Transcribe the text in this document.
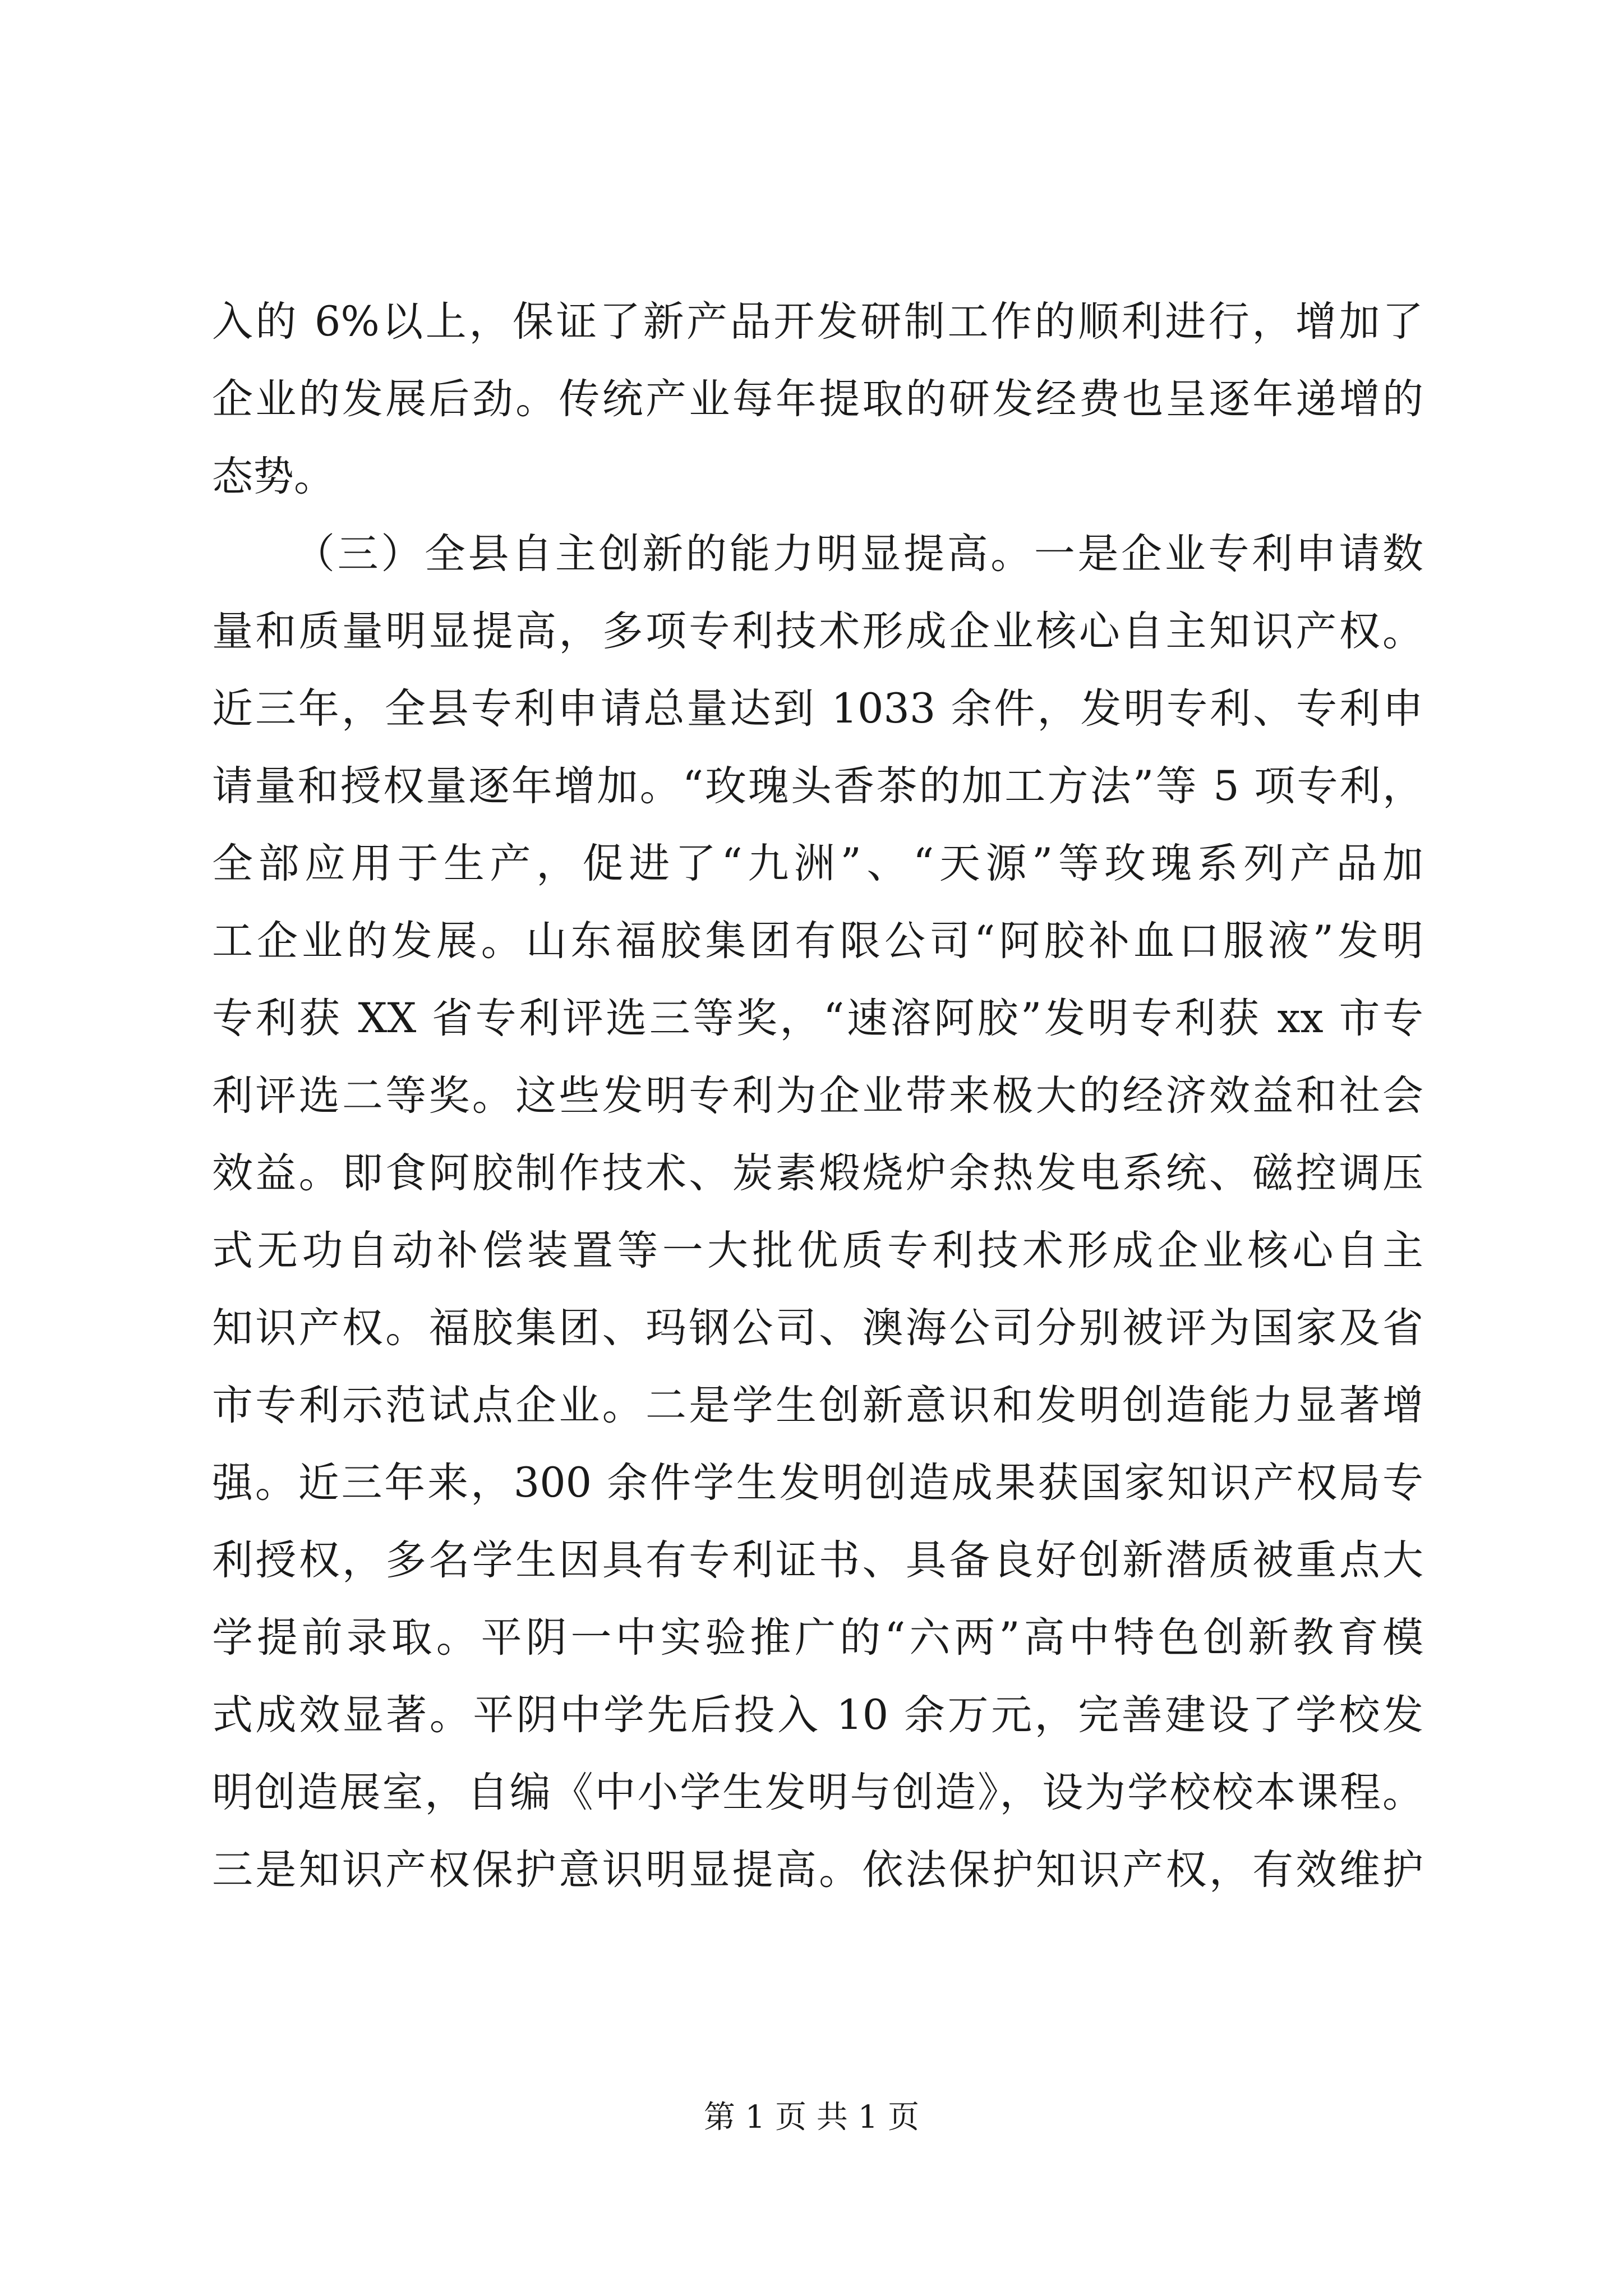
入的 6%以上，保证了新产品开发研制工作的顺利进行，增加了
企业的发展后劲。传统产业每年提取的研发经费也呈逐年递增的
态势。
（三）全县自主创新的能力明显提高。一是企业专利申请数
量和质量明显提高，多项专利技术形成企业核心自主知识产权。
近三年，全县专利申请总量达到 1033 余件，发明专利、专利申
请量和授权量逐年增加。“玫瑰头香茶的加工方法”等 5 项专利，
全部应用于生产，促进了“九洲”、“天源”等玫瑰系列产品加
工企业的发展。山东福胶集团有限公司“阿胶补血口服液”发明
专利获 XX 省专利评选三等奖，“速溶阿胶”发明专利获 xx 市专
利评选二等奖。这些发明专利为企业带来极大的经济效益和社会
效益。即食阿胶制作技术、炭素煅烧炉余热发电系统、磁控调压
式无功自动补偿装置等一大批优质专利技术形成企业核心自主
知识产权。福胶集团、玛钢公司、澳海公司分别被评为国家及省
市专利示范试点企业。二是学生创新意识和发明创造能力显著增
强。近三年来，300 余件学生发明创造成果获国家知识产权局专
利授权，多名学生因具有专利证书、具备良好创新潜质被重点大
学提前录取。平阴一中实验推广的“六两”高中特色创新教育模
式成效显著。平阴中学先后投入 10 余万元，完善建设了学校发
明创造展室，自编《中小学生发明与创造》，设为学校校本课程。
三是知识产权保护意识明显提高。依法保护知识产权，有效维护
第 1 页 共 1 页
